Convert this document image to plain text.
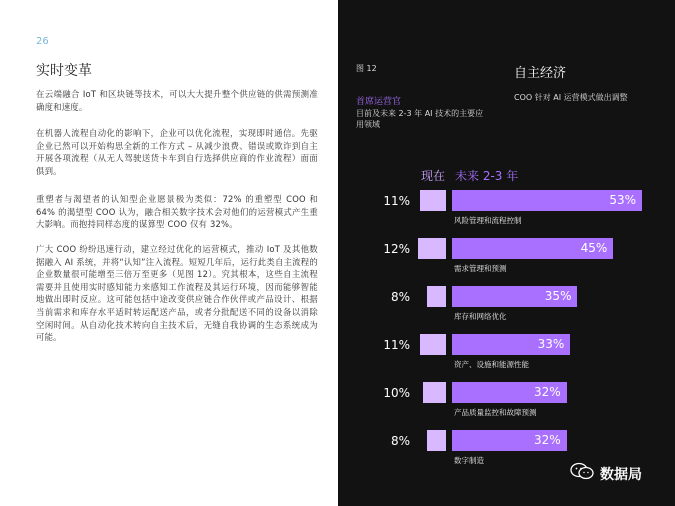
26
实时变革
在云端融合 IoT 和区块链等技术，可以大大提升整个供应链的供需预测准确度和速度。
在机器人流程自动化的影响下，企业可以优化流程，实现即时通信。先驱企业已然可以开始构思全新的工作方式 – 从减少浪费、错误或欺诈到自主开展各项流程（从无人驾驶送货卡车到自行选择供应商的作业流程）面面俱到。
重塑者与渴望者的认知型企业愿景极为类似：72% 的重塑型 COO 和 64% 的渴望型 COO 认为，融合相关数字技术会对他们的运营模式产生重大影响。而抱持同样态度的谋算型 COO 仅有 32%。
广大 COO 纷纷迅速行动，建立经过优化的运营模式，推动 IoT 及其他数据融入 AI 系统，并将“认知”注入流程。短短几年后，运行此类自主流程的企业数量很可能增至三倍万至更多（见图 12）。究其根本，这些自主流程需要并且使用实时感知能力来感知工作流程及其运行环境，因而能够智能地做出即时反应。这可能包括中途改变供应链合作伙伴或产品设计、根据当前需求和库存水平适时转运配送产品，或者分批配送不同的设备以消除空闲时间。从自动化技术转向自主技术后，无缝自我协调的生态系统成为可能。
图 12	自主经济
COO 针对 AI 运营模式做出调整
首席运营官
目前及未来 2-3 年 AI 技术的主要应用领域
现在 未来 2-3 年
11%	53%
风险管理和流程控制
12%	45%
需求管理和预测
8%	35%
库存和网络优化
11%	33%
资产、设施和能源性能
10%	32%
产品质量监控和故障预测
8%	32%
数字制造
数据局
